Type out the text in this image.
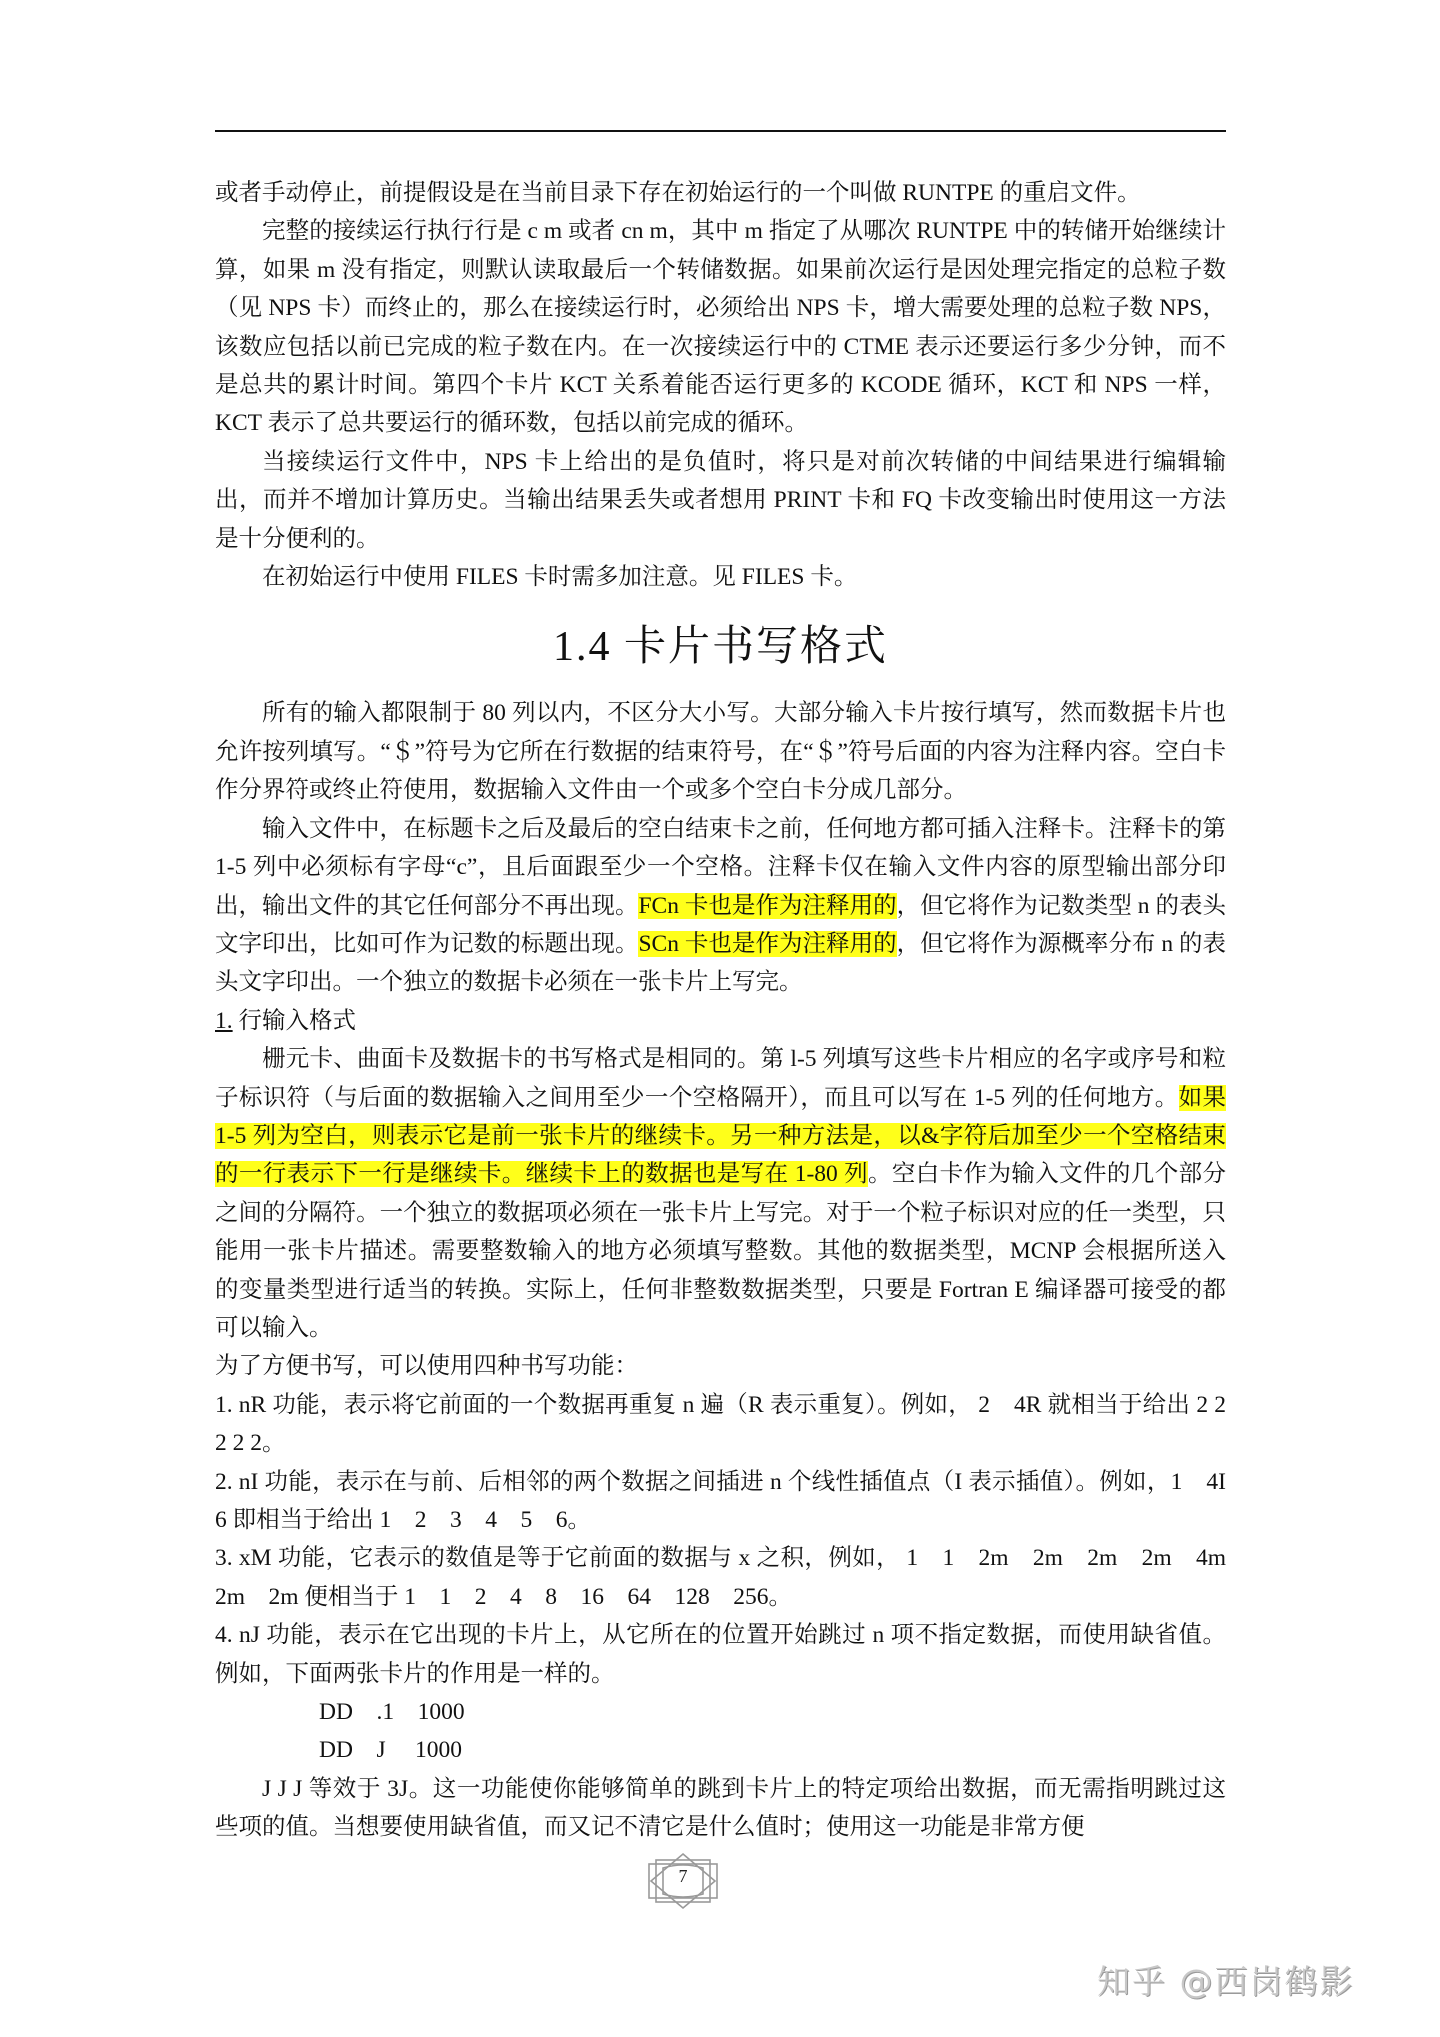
或者手动停止，前提假设是在当前目录下存在初始运行的一个叫做 RUNTPE 的重启文件。

完整的接续运行执行行是 c m 或者 cn m，其中 m 指定了从哪次 RUNTPE 中的转储开始继续计算，如果 m 没有指定，则默认读取最后一个转储数据。如果前次运行是因处理完指定的总粒子数（见 NPS 卡）而终止的，那么在接续运行时，必须给出 NPS 卡，增大需要处理的总粒子数 NPS，该数应包括以前已完成的粒子数在内。在一次接续运行中的 CTME 表示还要运行多少分钟，而不是总共的累计时间。第四个卡片 KCT 关系着能否运行更多的 KCODE 循环，KCT 和 NPS 一样，KCT 表示了总共要运行的循环数，包括以前完成的循环。

当接续运行文件中，NPS 卡上给出的是负值时，将只是对前次转储的中间结果进行编辑输出，而并不增加计算历史。当输出结果丢失或者想用 PRINT 卡和 FQ 卡改变输出时使用这一方法是十分便利的。

在初始运行中使用 FILES 卡时需多加注意。见 FILES 卡。

1.4 卡片书写格式

所有的输入都限制于 80 列以内，不区分大小写。大部分输入卡片按行填写，然而数据卡片也允许按列填写。“＄”符号为它所在行数据的结束符号，在“＄”符号后面的内容为注释内容。空白卡作分界符或终止符使用，数据输入文件由一个或多个空白卡分成几部分。

输入文件中，在标题卡之后及最后的空白结束卡之前，任何地方都可插入注释卡。注释卡的第 1-5 列中必须标有字母“c”，且后面跟至少一个空格。注释卡仅在输入文件内容的原型输出部分印出，输出文件的其它任何部分不再出现。FCn 卡也是作为注释用的，但它将作为记数类型 n 的表头文字印出，比如可作为记数的标题出现。SCn 卡也是作为注释用的，但它将作为源概率分布 n 的表头文字印出。一个独立的数据卡必须在一张卡片上写完。

1. 行输入格式

栅元卡、曲面卡及数据卡的书写格式是相同的。第 l-5 列填写这些卡片相应的名字或序号和粒子标识符（与后面的数据输入之间用至少一个空格隔开），而且可以写在 1-5 列的任何地方。如果 1-5 列为空白，则表示它是前一张卡片的继续卡。另一种方法是，以&字符后加至少一个空格结束的一行表示下一行是继续卡。继续卡上的数据也是写在 1-80 列。空白卡作为输入文件的几个部分之间的分隔符。一个独立的数据项必须在一张卡片上写完。对于一个粒子标识对应的任一类型，只能用一张卡片描述。需要整数输入的地方必须填写整数。其他的数据类型，MCNP 会根据所送入的变量类型进行适当的转换。实际上，任何非整数数据类型，只要是 Fortran E 编译器可接受的都可以输入。

为了方便书写，可以使用四种书写功能：

1. nR 功能，表示将它前面的一个数据再重复 n 遍（R 表示重复）。例如， 2　4R 就相当于给出 2 2 2 2 2。

2. nI 功能，表示在与前、后相邻的两个数据之间插进 n 个线性插值点（I 表示插值）。例如，1　4I　6 即相当于给出 1　2　3　4　5　6。

3. xM 功能，它表示的数值是等于它前面的数据与 x 之积，例如， 1　1　2m　2m　2m　2m　4m　2m　2m 便相当于 1　1　2　4　8　16　64　128　256。

4. nJ 功能，表示在它出现的卡片上，从它所在的位置开始跳过 n 项不指定数据，而使用缺省值。例如，下面两张卡片的作用是一样的。

DD　.1　1000

DD　J　 1000

J J J 等效于 3J。这一功能使你能够简单的跳到卡片上的特定项给出数据，而无需指明跳过这些项的值。当想要使用缺省值，而又记不清它是什么值时；使用这一功能是非常方便

7
知乎 @西岗鹤影
